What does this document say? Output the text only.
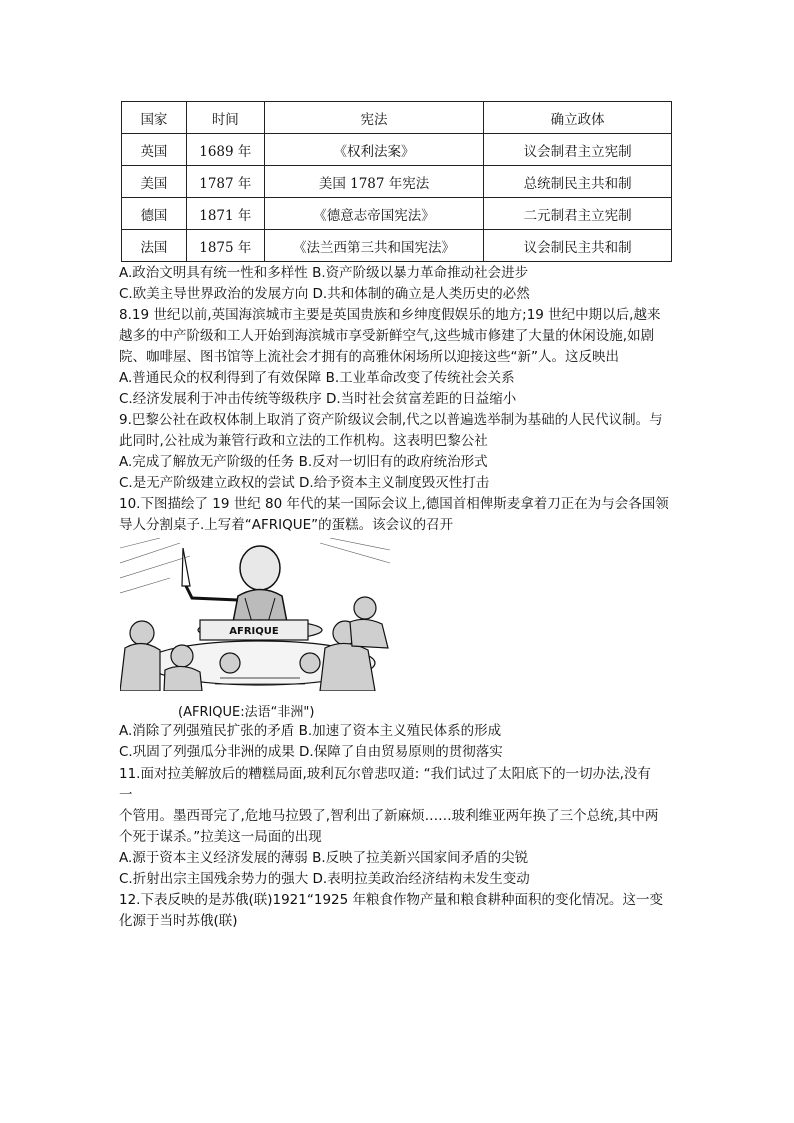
国家	时间	宪法	确立政体
英国	1689 年	《权利法案》	议会制君主立宪制
美国	1787 年	美国 1787 年宪法	总统制民主共和制
德国	1871 年	《德意志帝国宪法》	二元制君主立宪制
法国	1875 年	《法兰西第三共和国宪法》	议会制民主共和制
A.政治文明具有统一性和多样性 B.资产阶级以暴力革命推动社会进步
C.欧美主导世界政治的发展方向 D.共和体制的确立是人类历史的必然
8.19 世纪以前,英国海滨城市主要是英国贵族和乡绅度假娱乐的地方;19 世纪中期以后,越来
越多的中产阶级和工人开始到海滨城市享受新鲜空气,这些城市修建了大量的休闲设施,如剧
院、咖啡屋、图书馆等上流社会才拥有的高雅休闲场所以迎接这些“新”人。这反映出
A.普通民众的权利得到了有效保障 B.工业革命改变了传统社会关系
C.经济发展利于冲击传统等级秩序 D.当时社会贫富差距的日益缩小
9.巴黎公社在政权体制上取消了资产阶级议会制,代之以普遍选举制为基础的人民代议制。与
此同时,公社成为兼管行政和立法的工作机构。这表明巴黎公社
A.完成了解放无产阶级的任务 B.反对一切旧有的政府统治形式
C.是无产阶级建立政权的尝试 D.给予资本主义制度毁灭性打击
10.下图描绘了 19 世纪 80 年代的某一国际会议上,德国首相俾斯麦拿着刀正在为与会各国领
导人分割桌子.上写着“AFRIQUE”的蛋糕。该会议的召开
AFRIQUE
(AFRIQUE:法语“非洲")
A.消除了列强殖民扩张的矛盾 B.加速了资本主义殖民体系的形成
C.巩固了列强瓜分非洲的成果 D.保障了自由贸易原则的贯彻落实
11.面对拉美解放后的糟糕局面,玻利瓦尔曾悲叹道: “我们试过了太阳底下的一切办法,没有
一
个管用。墨西哥完了,危地马拉毁了,智利出了新麻烦……玻利维亚两年换了三个总统,其中两
个死于谋杀。”拉美这一局面的出现
A.源于资本主义经济发展的薄弱 B.反映了拉美新兴国家间矛盾的尖锐
C.折射出宗主国残余势力的强大 D.表明拉美政治经济结构未发生变动
12.下表反映的是苏俄(联)1921“1925 年粮食作物产量和粮食耕种面积的变化情况。这一变
化源于当时苏俄(联)
